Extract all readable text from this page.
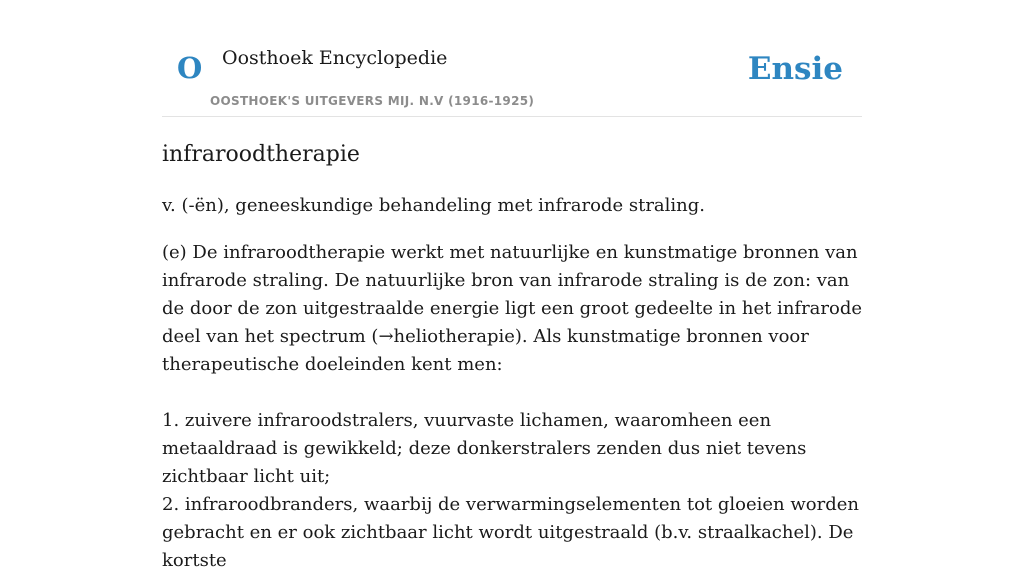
O Oosthoek Encyclopedie
OOSTHOEK'S UITGEVERS MIJ. N.V (1916-1925)
Ensie
infraroodtherapie

v. (-ën), geneeskundige behandeling met infrarode straling.

(e) De infraroodtherapie werkt met natuurlijke en kunstmatige bronnen van infrarode straling. De natuurlijke bron van infrarode straling is de zon: van de door de zon uitgestraalde energie ligt een groot gedeelte in het infrarode deel van het spectrum (→heliotherapie). Als kunstmatige bronnen voor therapeutische doeleinden kent men:

1. zuivere infraroodstralers, vuurvaste lichamen, waaromheen een metaaldraad is gewikkeld; deze donkerstralers zenden dus niet tevens zichtbaar licht uit;
2. infraroodbranders, waarbij de verwarmingselementen tot gloeien worden gebracht en er ook zichtbaar licht wordt uitgestraald (b.v. straalkachel). De kortste
